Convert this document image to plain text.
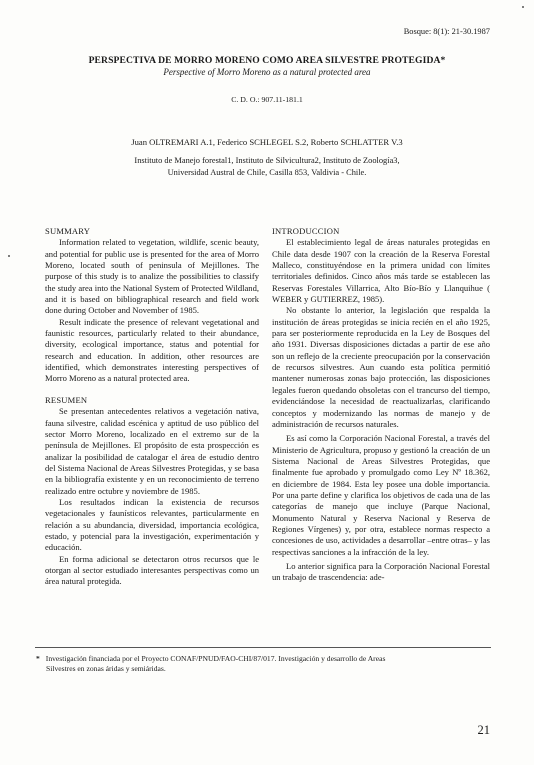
Bosque: 8(1): 21-30.1987
PERSPECTIVA DE MORRO MORENO COMO AREA SILVESTRE PROTEGIDA*
Perspective of Morro Moreno as a natural protected area
C. D. O.: 907.11-181.1
Juan OLTREMARI A.1, Federico SCHLEGEL S.2, Roberto SCHLATTER V.3
Instituto de Manejo forestal1, Instituto de Silvicultura2, Instituto de Zoología3,
Universidad Austral de Chile, Casilla 853, Valdivia - Chile.
SUMMARY
Information related to vegetation, wildlife, scenic beauty, and potential for public use is presented for the area of Morro Moreno, located south of peninsula of Mejillones. The purpose of this study is to analize the possibilities to classify the study area into the National System of Protected Wildland, and it is based on bibliographical research and field work done during October and November of 1985.
Result indicate the presence of relevant vegetational and faunistic resources, particularly related to their abundance, diversity, ecological importance, status and potential for research and education. In addition, other resources are identified, which demonstrates interesting perspectives of Morro Moreno as a natural protected area.
RESUMEN
Se presentan antecedentes relativos a vegetación nativa, fauna silvestre, calidad escénica y aptitud de uso público del sector Morro Moreno, localizado en el extremo sur de la península de Mejillones. El propósito de esta prospección es analizar la posibilidad de catalogar el área de estudio dentro del Sistema Nacional de Areas Silvestres Protegidas, y se basa en la bibliografía existente y en un reconocimiento de terreno realizado entre octubre y noviembre de 1985.
Los resultados indican la existencia de recursos vegetacionales y faunísticos relevantes, particularmente en relación a su abundancia, diversidad, importancia ecológica, estado, y potencial para la investigación, experimentación y educación.
En forma adicional se detectaron otros recursos que le otorgan al sector estudiado interesantes perspectivas como un área natural protegida.
INTRODUCCION
El establecimiento legal de áreas naturales protegidas en Chile data desde 1907 con la creación de la Reserva Forestal Malleco, constituyéndose en la primera unidad con límites territoriales definidos. Cinco años más tarde se establecen las Reservas Forestales Villarrica, Alto Bío-Bío y Llanquihue ( WEBER y GUTIERREZ, 1985).
No obstante lo anterior, la legislación que respalda la institución de áreas protegidas se inicia recién en el año 1925, para ser posteriormente reproducida en la Ley de Bosques del año 1931. Diversas disposiciones dictadas a partir de ese año son un reflejo de la creciente preocupación por la conservación de recursos silvestres. Aun cuando esta política permitió mantener numerosas zonas bajo protección, las disposiciones legales fueron quedando obsoletas con el trancurso del tiempo, evidenciándose la necesidad de reactualizarlas, clarificando conceptos y modernizando las normas de manejo y de administración de recursos naturales.
Es así como la Corporación Nacional Forestal, a través del Ministerio de Agricultura, propuso y gestionó la creación de un Sistema Nacional de Areas Silvestres Protegidas, que finalmente fue aprobado y promulgado como Ley Nº 18.362, en diciembre de 1984. Esta ley posee una doble importancia. Por una parte define y clarifica los objetivos de cada una de las categorías de manejo que incluye (Parque Nacional, Monumento Natural y Reserva Nacional y Reserva de Regiones Vírgenes) y, por otra, establece normas respecto a concesiones de uso, actividades a desarrollar –entre otras– y las respectivas sanciones a la infracción de la ley.
Lo anterior significa para la Corporación Nacional Forestal un trabajo de trascendencia: ade-
* Investigación financiada por el Proyecto CONAF/PNUD/FAO-CHI/87/017. Investigación y desarrollo de Areas
Silvestres en zonas áridas y semiáridas.
21
